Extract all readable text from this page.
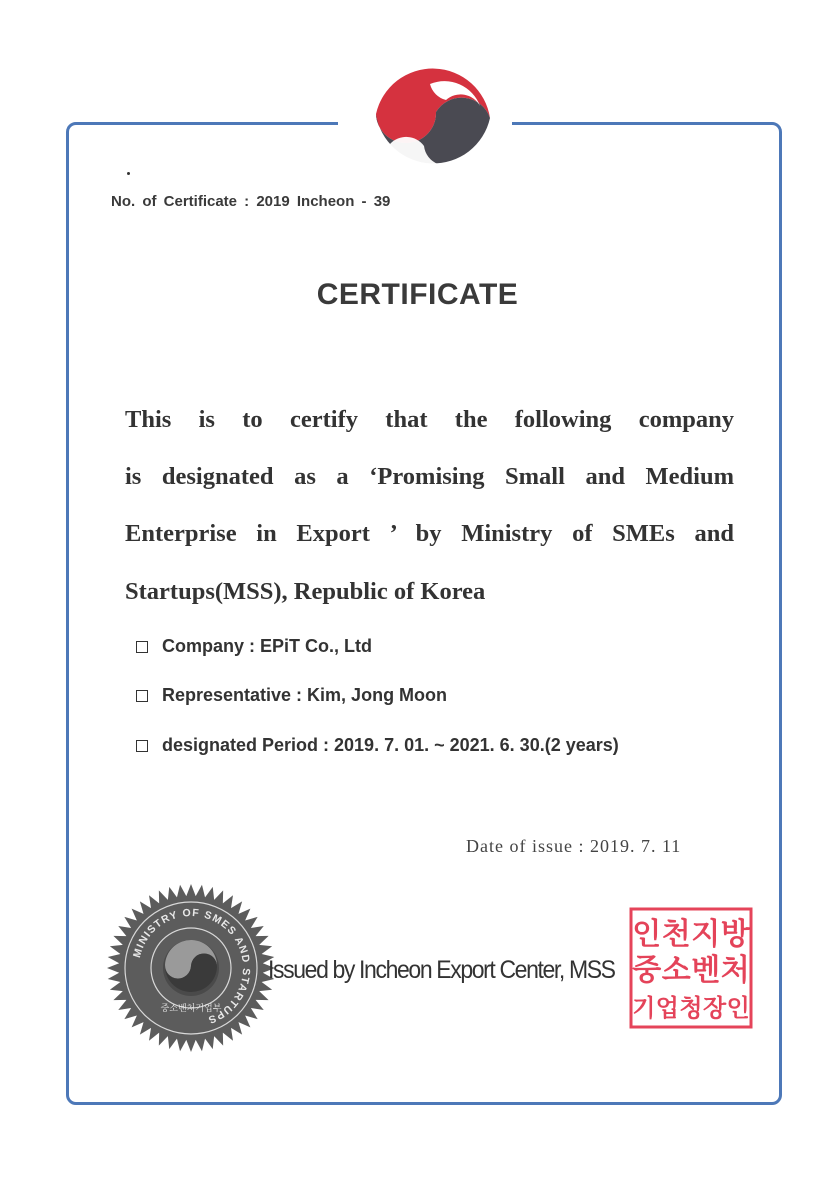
No. of Certificate : 2019 Incheon - 39
CERTIFICATE
This is to certify that the following company
is designated as a ‘Promising Small and Medium
Enterprise in Export ’ by Ministry of SMEs and
Startups(MSS), Republic of Korea
Company : EPiT Co., Ltd
Representative : Kim, Jong Moon
designated Period : 2019. 7. 01. ~ 2021. 6. 30.(2 years)
Date of issue : 2019. 7. 11
MINISTRY OF SMES AND STARTUPS
중소벤처기업부
Issued by Incheon Export Center, MSS
인 천 지 방
중 소 벤 처
기 업 청 장 인
